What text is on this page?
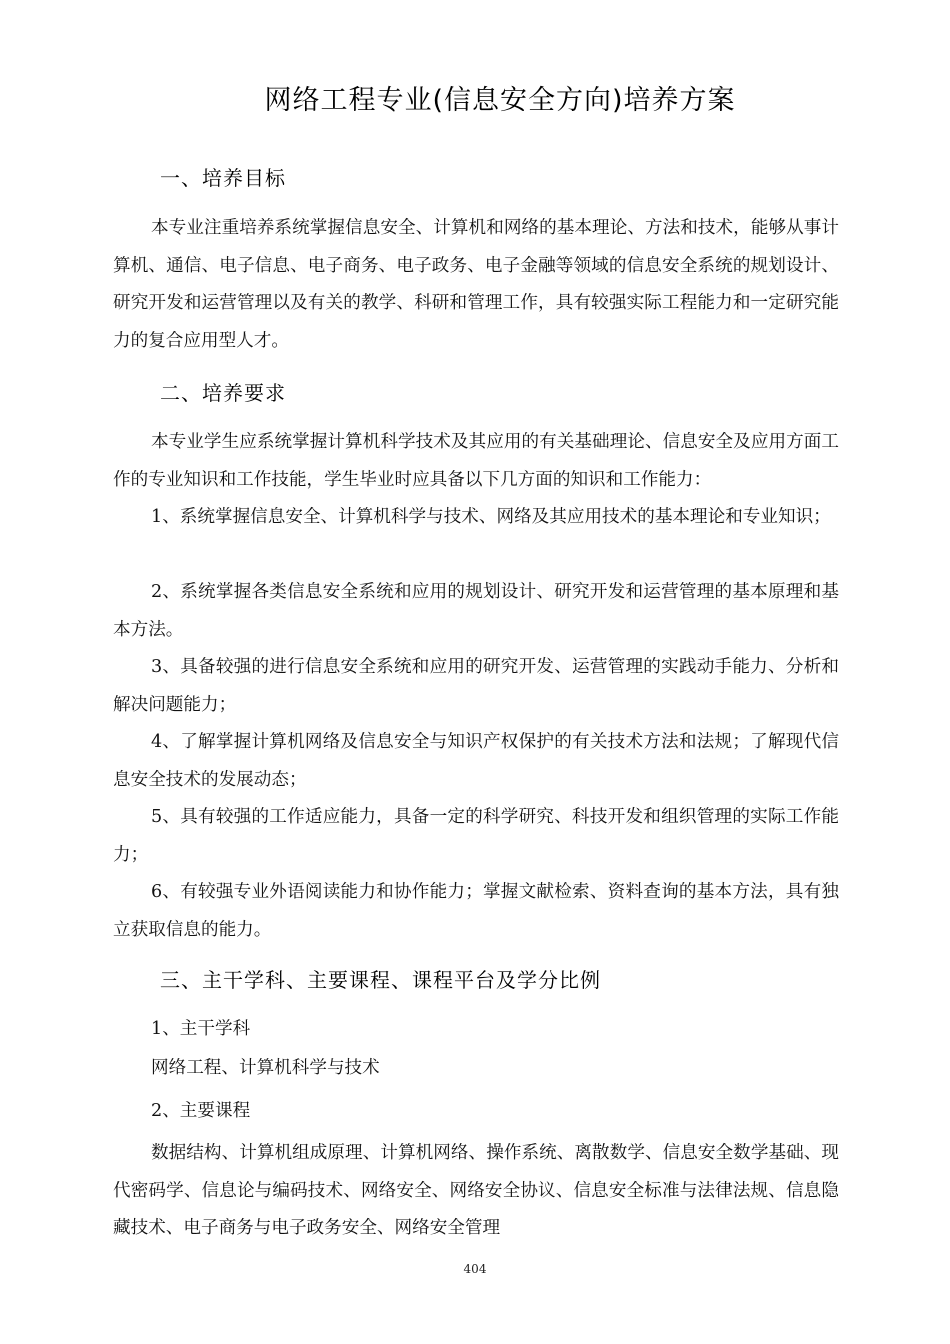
网络工程专业(信息安全方向)培养方案
一、培养目标

本专业注重培养系统掌握信息安全、计算机和网络的基本理论、方法和技术，能够从事计算机、通信、电子信息、电子商务、电子政务、电子金融等领域的信息安全系统的规划设计、研究开发和运营管理以及有关的教学、科研和管理工作，具有较强实际工程能力和一定研究能力的复合应用型人才。

二、培养要求

本专业学生应系统掌握计算机科学技术及其应用的有关基础理论、信息安全及应用方面工作的专业知识和工作技能，学生毕业时应具备以下几方面的知识和工作能力：

1、系统掌握信息安全、计算机科学与技术、网络及其应用技术的基本理论和专业知识；

2、系统掌握各类信息安全系统和应用的规划设计、研究开发和运营管理的基本原理和基本方法。

3、具备较强的进行信息安全系统和应用的研究开发、运营管理的实践动手能力、分析和解决问题能力；

4、了解掌握计算机网络及信息安全与知识产权保护的有关技术方法和法规；了解现代信息安全技术的发展动态；

5、具有较强的工作适应能力，具备一定的科学研究、科技开发和组织管理的实际工作能力；

6、有较强专业外语阅读能力和协作能力；掌握文献检索、资料查询的基本方法，具有独立获取信息的能力。

三、主干学科、主要课程、课程平台及学分比例

1、主干学科

网络工程、计算机科学与技术

2、主要课程

数据结构、计算机组成原理、计算机网络、操作系统、离散数学、信息安全数学基础、现代密码学、信息论与编码技术、网络安全、网络安全协议、信息安全标准与法律法规、信息隐藏技术、电子商务与电子政务安全、网络安全管理

404
